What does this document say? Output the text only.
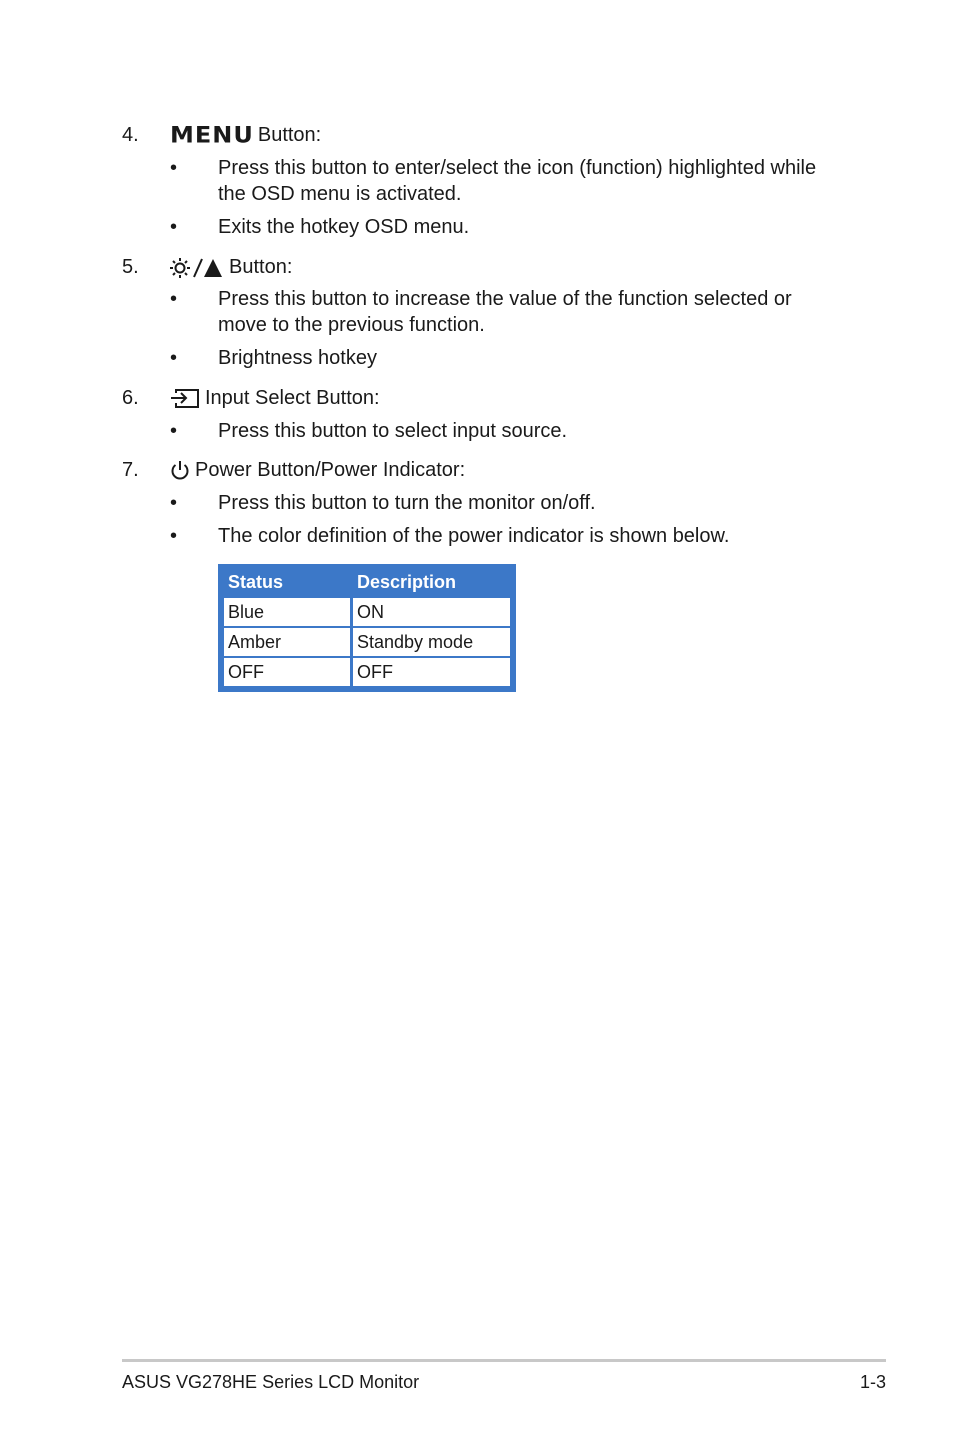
4.	MENU Button:
• Press this button to enter/select the icon (function) highlighted while the OSD menu is activated.
• Exits the hotkey OSD menu.
5.	Button:
• Press this button to increase the value of the function selected or move to the previous function.
• Brightness hotkey
6.	Input Select Button:
• Press this button to select input source.
7.	Power Button/Power Indicator:
• Press this button to turn the monitor on/off.
• The color definition of the power indicator is shown below.
Status	Description
Blue	ON
Amber	Standby mode
OFF	OFF
ASUS VG278HE Series LCD Monitor	1-3
